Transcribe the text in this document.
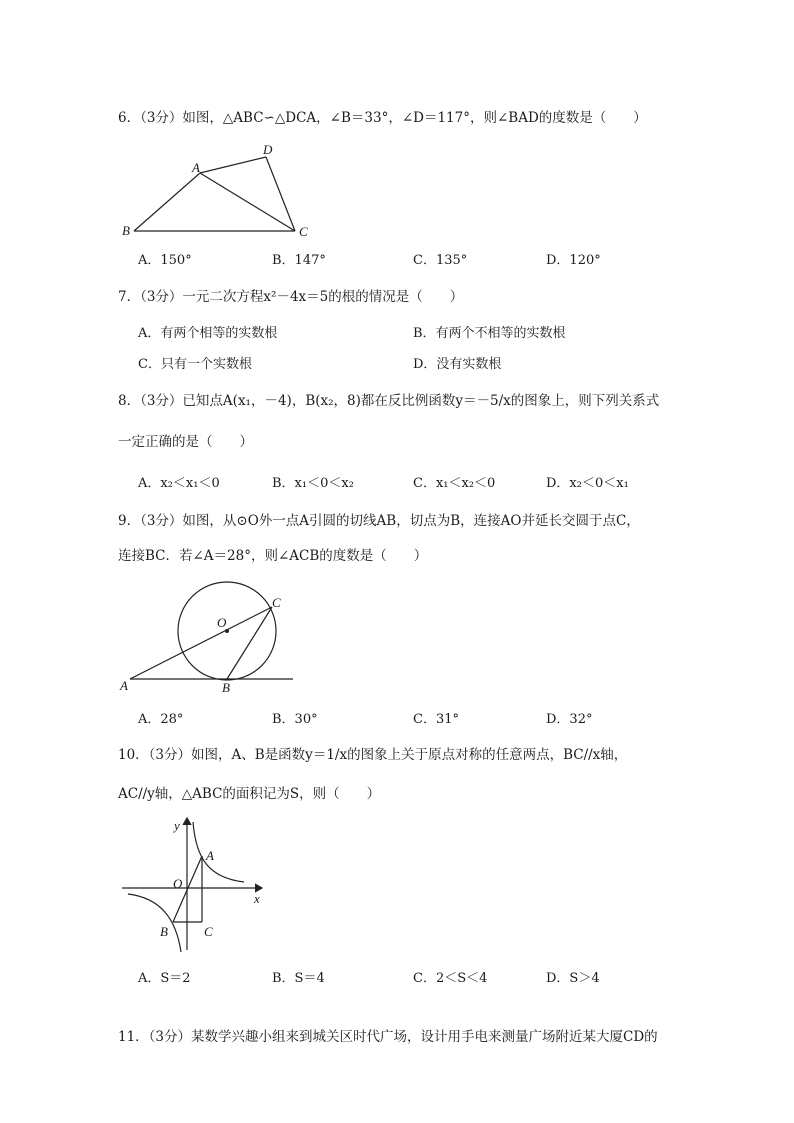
6．（3分）如图，△ABC∽△DCA，∠B＝33°，∠D＝117°，则∠BAD的度数是（　　）
A
B	C
D
A．150°	B．147°	C．135°	D．120°
7．（3分）一元二次方程x²－4x＝5的根的情况是（　　）
A．有两个相等的实数根	B．有两个不相等的实数根
C．只有一个实数根	D．没有实数根
8．（3分）已知点A(x₁，－4)，B(x₂，8)都在反比例函数y＝－5/x的图象上，则下列关系式
一定正确的是（　　）
A．x₂＜x₁＜0	B．x₁＜0＜x₂	C．x₁＜x₂＜0	D．x₂＜0＜x₁
9．（3分）如图，从⊙O外一点A引圆的切线AB，切点为B，连接AO并延长交圆于点C，
连接BC．若∠A＝28°，则∠ACB的度数是（　　）
O
A	B
C
A．28°	B．30°	C．31°	D．32°
10．（3分）如图，A、B是函数y＝1/x的图象上关于原点对称的任意两点，BC//x轴，
AC//y轴，△ABC的面积记为S，则（　　）
y
x
O
A
B	C
A．S＝2	B．S＝4	C．2＜S＜4	D．S＞4
11．（3分）某数学兴趣小组来到城关区时代广场，设计用手电来测量广场附近某大厦CD的
